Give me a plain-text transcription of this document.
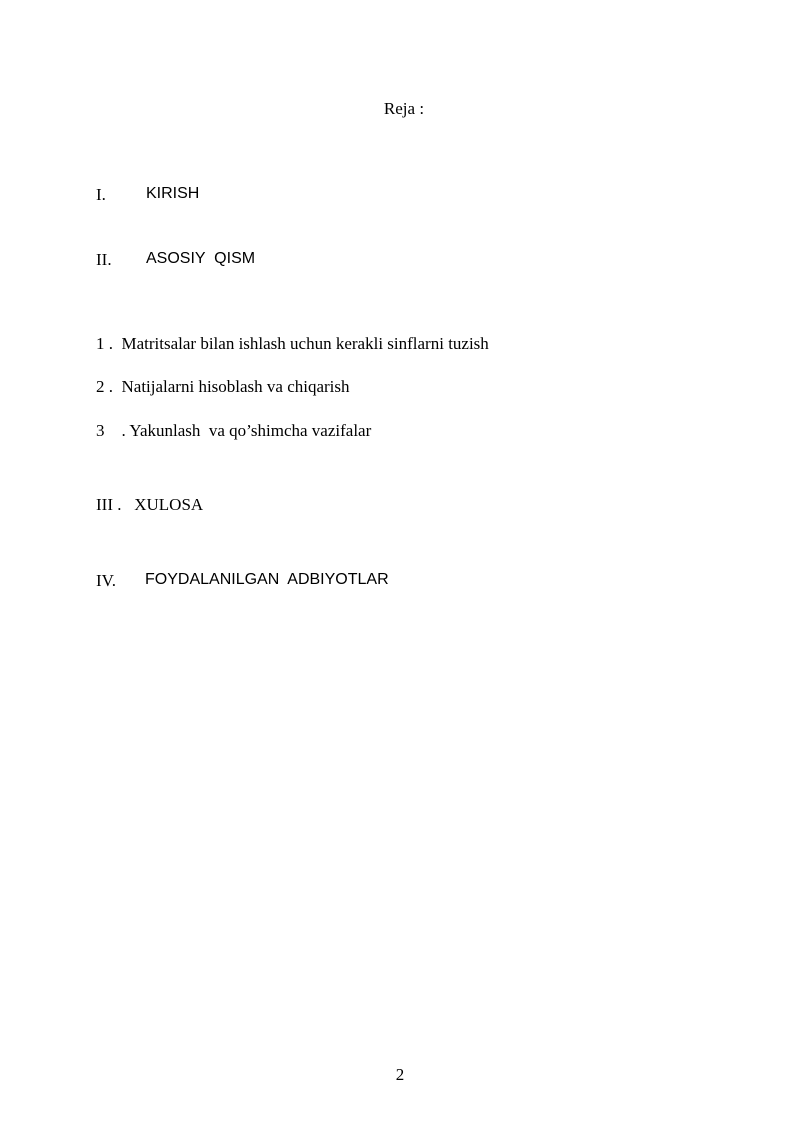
Reja :
I.	KIRISH
II. ASOSIY  QISM
1 .  Matritsalar bilan ishlash uchun kerakli sinflarni tuzish
2 .  Natijalarni hisoblash va chiqarish
3    . Yakunlash  va qo’shimcha vazifalar
III .   XULOSA
IV. FOYDALANILGAN  ADBIYOTLAR
2
